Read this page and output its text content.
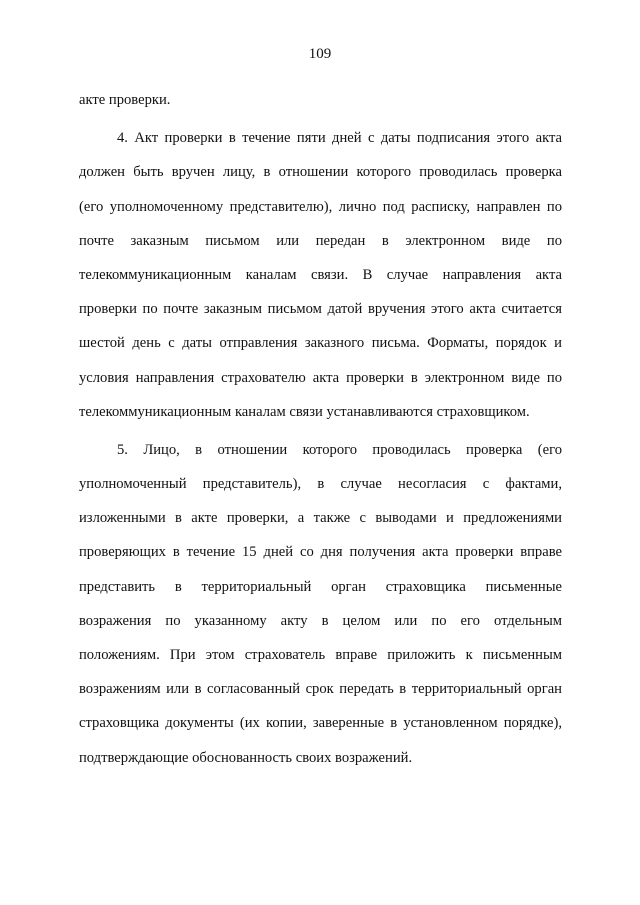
109
акте проверки.
4. Акт проверки в течение пяти дней с даты подписания этого акта
должен быть вручен лицу, в отношении которого проводилась проверка
(его уполномоченному представителю), лично под расписку, направлен по
почте заказным письмом или передан в электронном виде по
телекоммуникационным каналам связи. В случае направления акта
проверки по почте заказным письмом датой вручения этого акта считается
шестой день с даты отправления заказного письма. Форматы, порядок и
условия направления страхователю акта проверки в электронном виде по
телекоммуникационным каналам связи устанавливаются страховщиком.
5. Лицо, в отношении которого проводилась проверка (его
уполномоченный представитель), в случае несогласия с фактами,
изложенными в акте проверки, а также с выводами и предложениями
проверяющих в течение 15 дней со дня получения акта проверки вправе
представить в территориальный орган страховщика письменные
возражения по указанному акту в целом или по его отдельным
положениям. При этом страхователь вправе приложить к письменным
возражениям или в согласованный срок передать в территориальный орган
страховщика документы (их копии, заверенные в установленном порядке),
подтверждающие обоснованность своих возражений.
